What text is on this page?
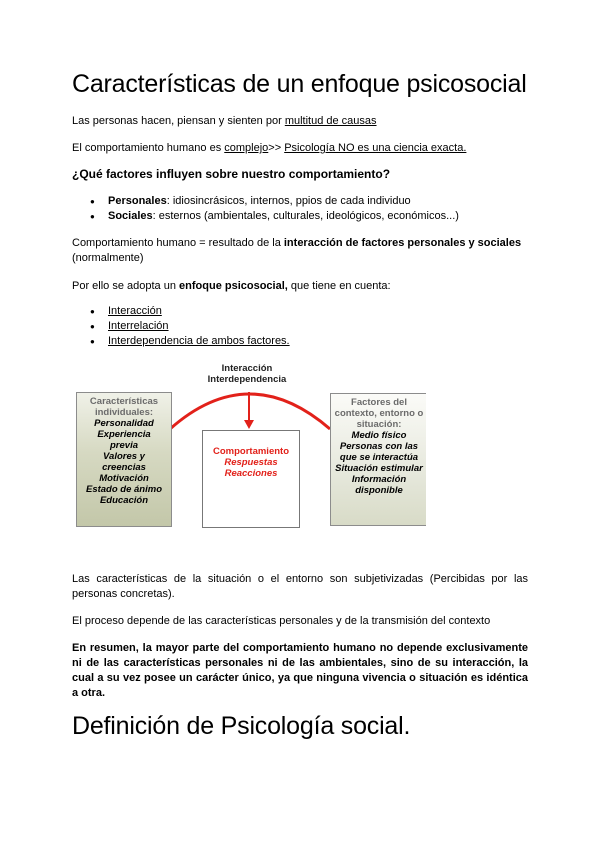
Características de un enfoque psicosocial

Las personas hacen, piensan y sienten por multitud de causas

El comportamiento humano es complejo>> Psicología NO es una ciencia exacta.

¿Qué factores influyen sobre nuestro comportamiento?

● Personales: idiosincrásicos, internos, ppios de cada individuo
● Sociales: esternos (ambientales, culturales, ideológicos, económicos...)

Comportamiento humano = resultado de la interacción de factores personales y sociales (normalmente)

Por ello se adopta un enfoque psicosocial, que tiene en cuenta:

● Interacción
● Interrelación
● Interdependencia de ambos factores.
Interacción
Interdependencia
Características
individuales:
Personalidad
Experiencia
previa
Valores y
creencias
Motivación
Estado de ánimo
Educación
Comportamiento
Respuestas
Reacciones
Factores del
contexto, entorno o
situación:
Medio físico
Personas con las
que se interactúa
Situación estimular
Información
disponible

Las características de la situación o el entorno son subjetivizadas (Percibidas por las personas concretas).

El proceso depende de las características personales y de la transmisión del contexto

En resumen, la mayor parte del comportamiento humano no depende exclusivamente ni de las características personales ni de las ambientales, sino de su interacción, la cual a su vez posee un carácter único, ya que ninguna vivencia o situación es idéntica a otra.

Definición de Psicología social.
